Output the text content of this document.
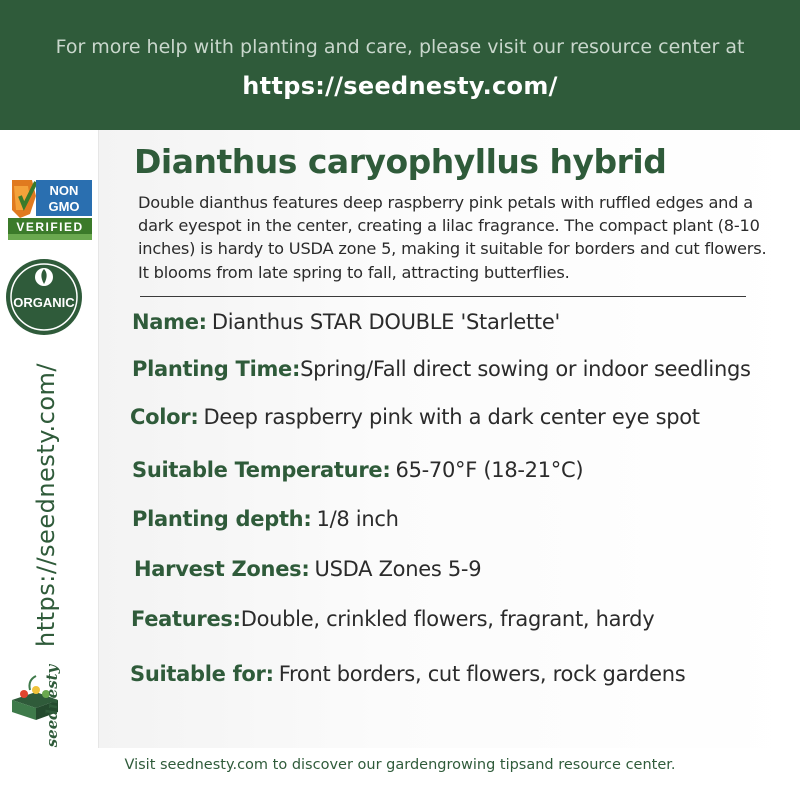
For more help with planting and care, please visit our resource center at
https://seednesty.com/
NON
GMO
VERIFIED
ORGANIC
https://seednesty.com/
seednesty
Dianthus caryophyllus hybrid
Double dianthus features deep raspberry pink petals with ruffled edges and a dark eyespot in the center, creating a lilac fragrance. The compact plant (8-10 inches) is hardy to USDA zone 5, making it suitable for borders and cut flowers. It blooms from late spring to fall, attracting butterflies.
Name: Dianthus STAR DOUBLE 'Starlette'
Planting Time:Spring/Fall direct sowing or indoor seedlings
Color: Deep raspberry pink with a dark center eye spot
Suitable Temperature: 65-70°F (18-21°C)
Planting depth: 1/8 inch
Harvest Zones: USDA Zones 5-9
Features:Double, crinkled flowers, fragrant, hardy
Suitable for: Front borders, cut flowers, rock gardens
Visit seednesty.com to discover our gardengrowing tipsand resource center.
